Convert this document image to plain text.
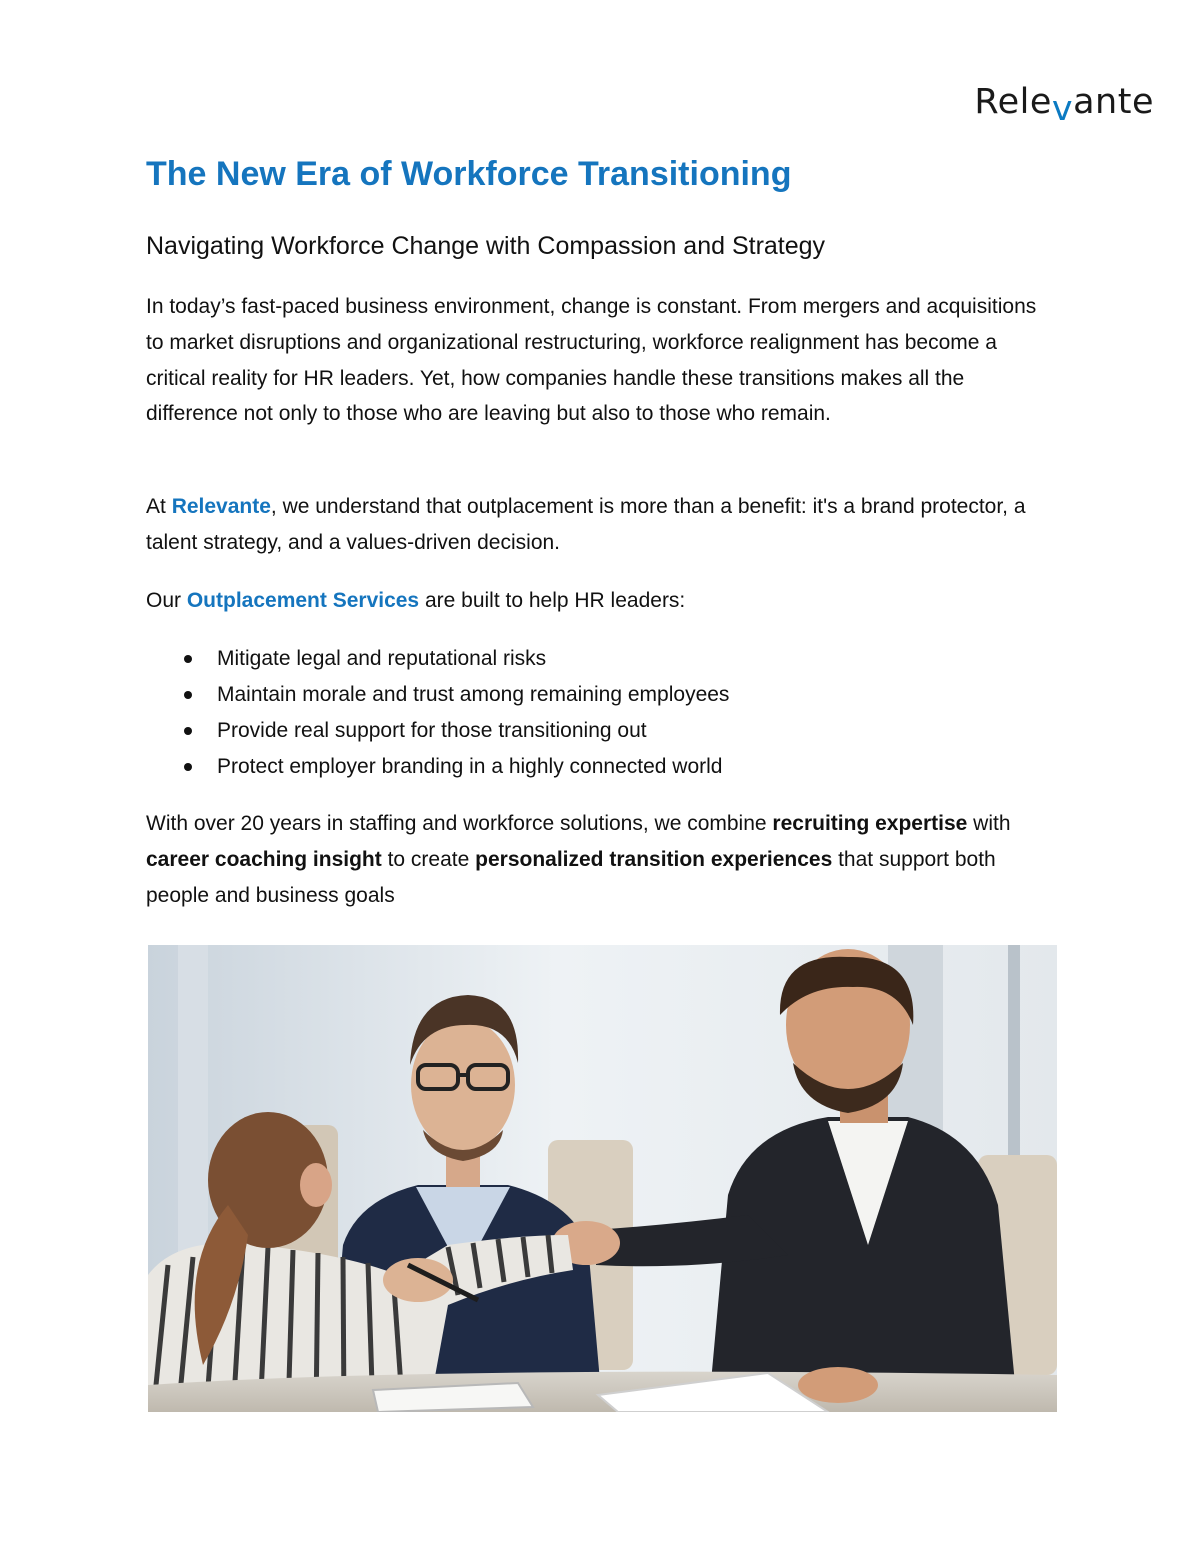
Relevante
The New Era of Workforce Transitioning
Navigating Workforce Change with Compassion and Strategy

In today’s fast-paced business environment, change is constant. From mergers and acquisitions to market disruptions and organizational restructuring, workforce realignment has become a critical reality for HR leaders. Yet, how companies handle these transitions makes all the difference not only to those who are leaving but also to those who remain.

At Relevante, we understand that outplacement is more than a benefit: it's a brand protector, a talent strategy, and a values-driven decision.

Our Outplacement Services are built to help HR leaders:

Mitigate legal and reputational risks
Maintain morale and trust among remaining employees
Provide real support for those transitioning out
Protect employer branding in a highly connected world

With over 20 years in staffing and workforce solutions, we combine recruiting expertise with career coaching insight to create personalized transition experiences that support both people and business goals
